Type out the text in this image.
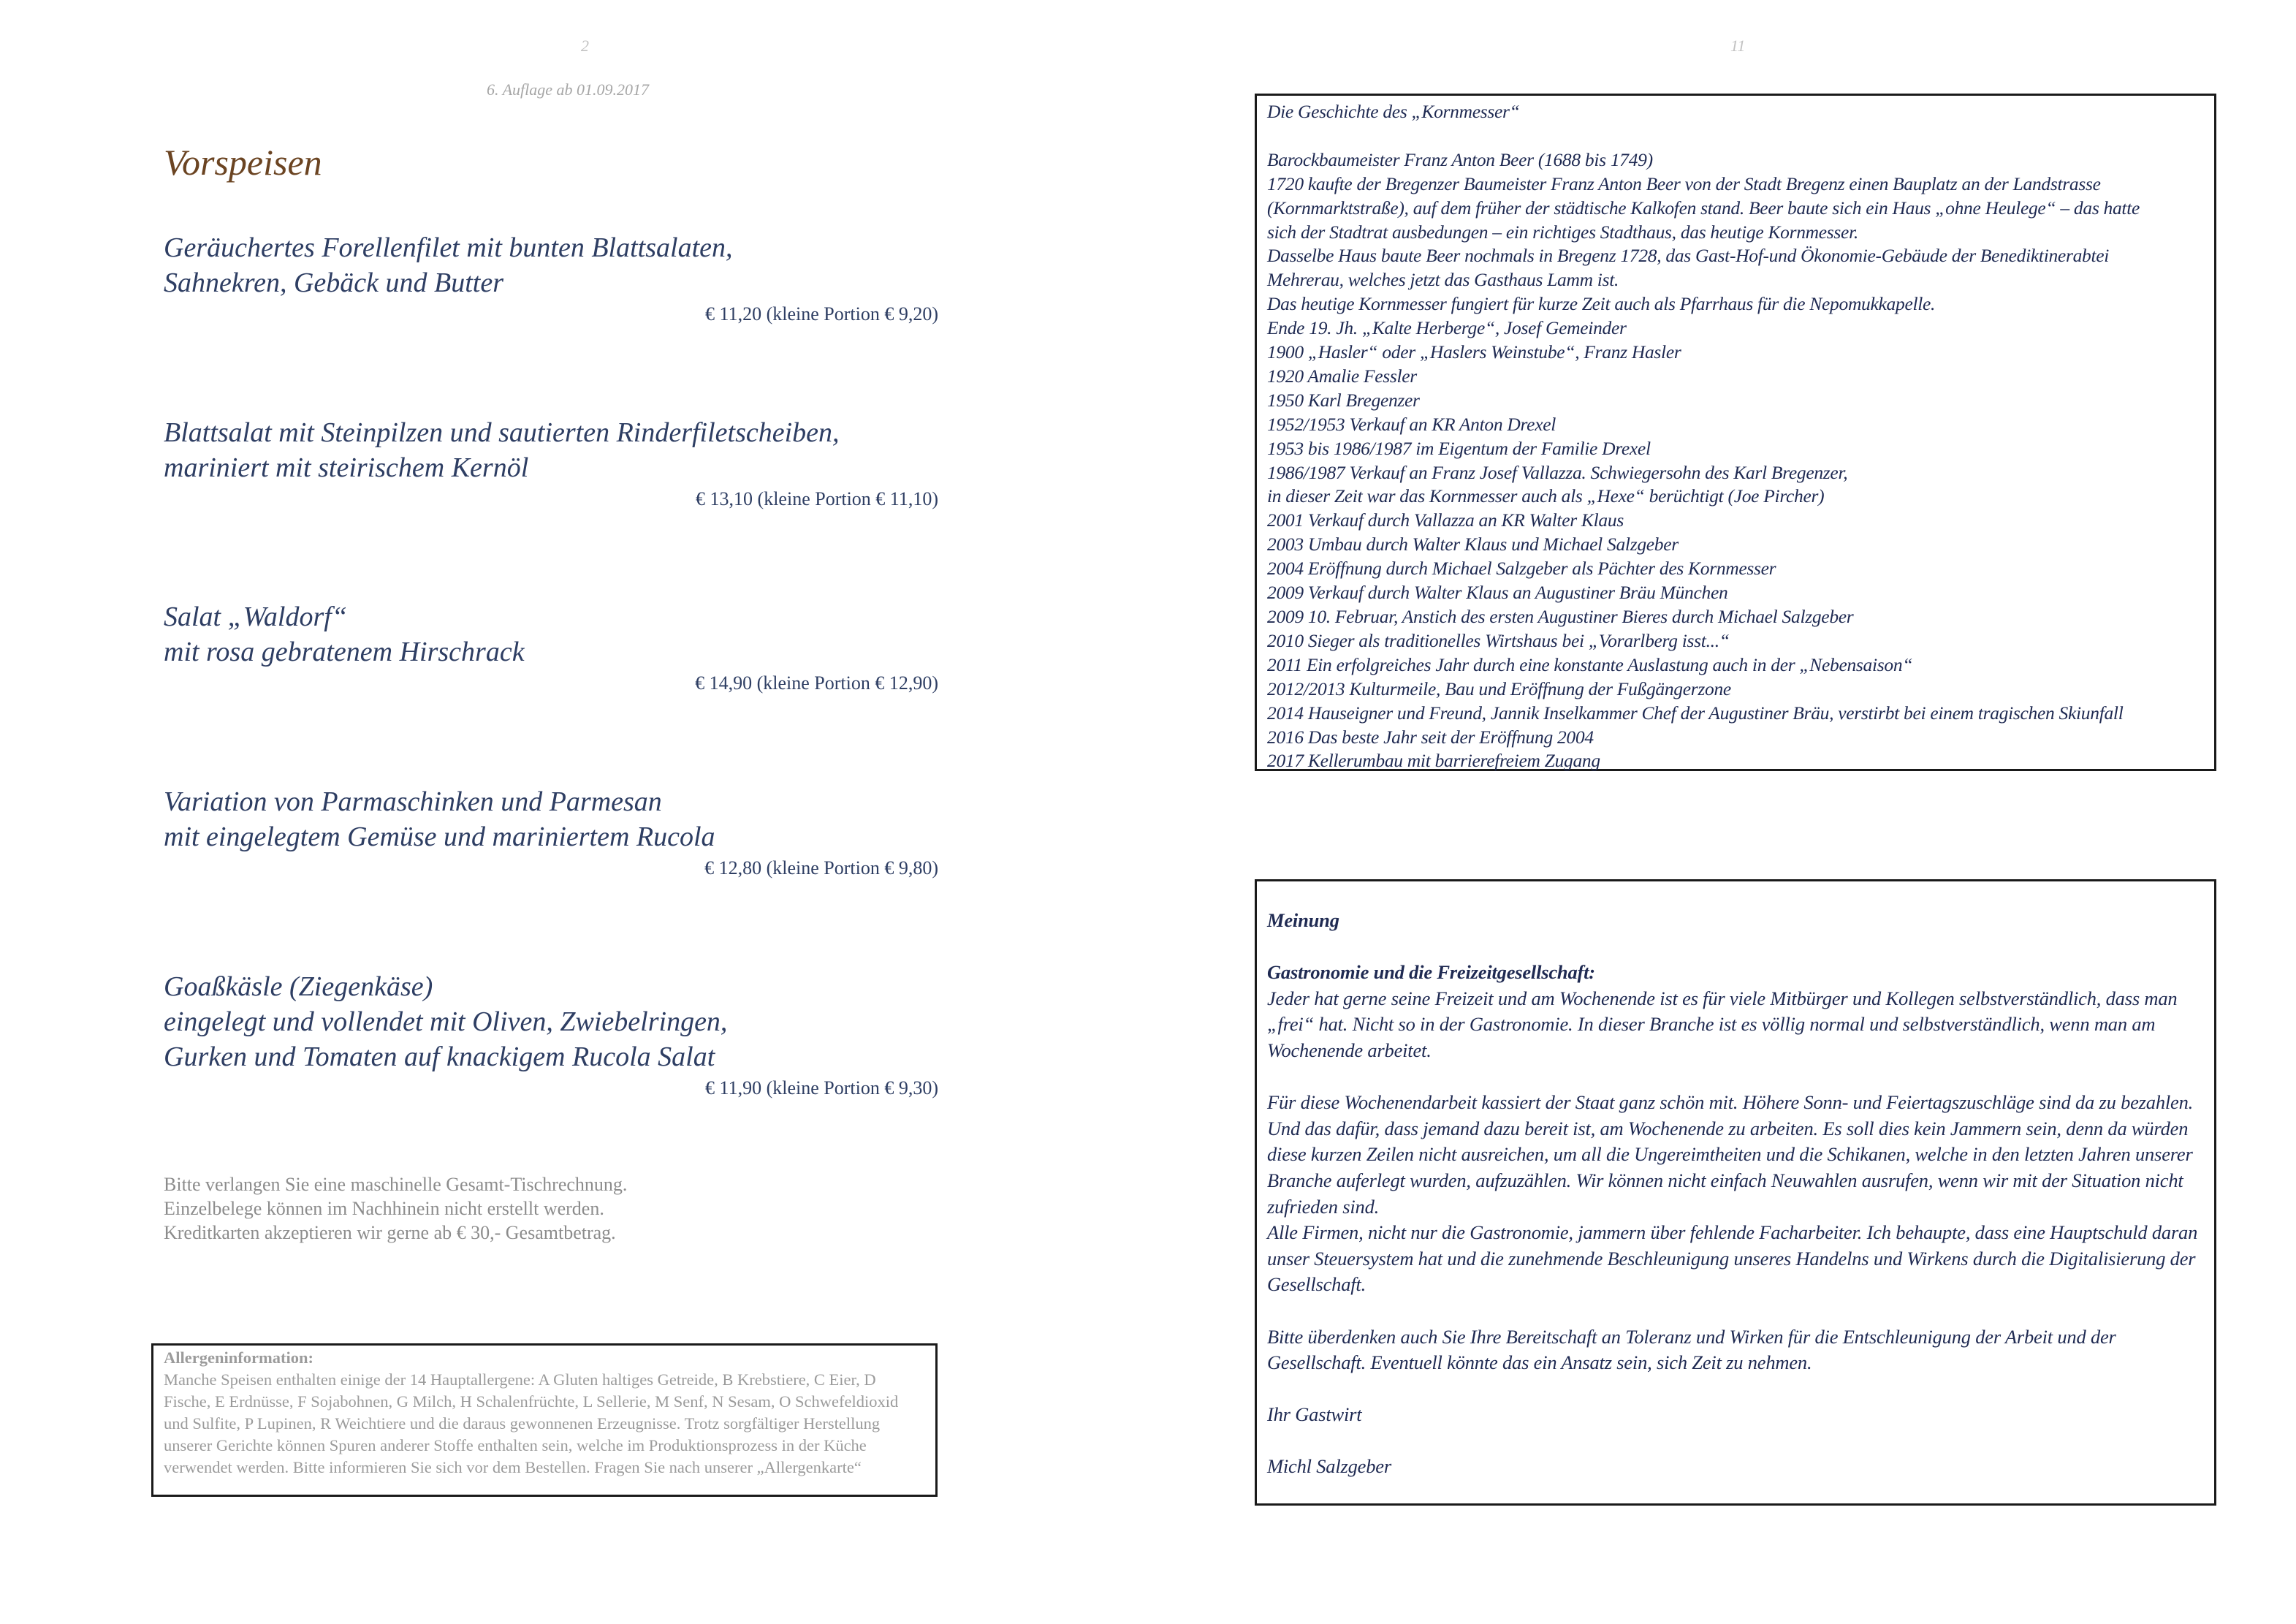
2
6. Auflage ab 01.09.2017
Vorspeisen
Geräuchertes Forellenfilet mit bunten Blattsalaten,
Sahnekren, Gebäck und Butter
€ 11,20 (kleine Portion € 9,20)
Blattsalat mit Steinpilzen und sautierten Rinderfiletscheiben,
mariniert mit steirischem Kernöl
€ 13,10 (kleine Portion € 11,10)
Salat „Waldorf“
mit rosa gebratenem Hirschrack
€ 14,90 (kleine Portion € 12,90)
Variation von Parmaschinken und Parmesan
mit eingelegtem Gemüse und mariniertem Rucola
€ 12,80 (kleine Portion € 9,80)
Goaßkäsle (Ziegenkäse)
eingelegt und vollendet mit Oliven, Zwiebelringen,
Gurken und Tomaten auf knackigem Rucola Salat
€ 11,90 (kleine Portion € 9,30)
Bitte verlangen Sie eine maschinelle Gesamt-Tischrechnung.
Einzelbelege können im Nachhinein nicht erstellt werden.
Kreditkarten akzeptieren wir gerne ab € 30,- Gesamtbetrag.
Allergeninformation:
Manche Speisen enthalten einige der 14 Hauptallergene: A Gluten haltiges Getreide, B Krebstiere, C Eier, D Fische, E Erdnüsse, F Sojabohnen, G Milch, H Schalenfrüchte, L Sellerie, M Senf, N Sesam, O Schwefeldioxid und Sulfite, P Lupinen, R Weichtiere und die daraus gewonnenen Erzeugnisse. Trotz sorgfältiger Herstellung unserer Gerichte können Spuren anderer Stoffe enthalten sein, welche im Produktionsprozess in der Küche verwendet werden. Bitte informieren Sie sich vor dem Bestellen. Fragen Sie nach unserer „Allergenkarte“
11

Die Geschichte des „Kornmesser“

Barockbaumeister Franz Anton Beer (1688 bis 1749)

1720 kaufte der Bregenzer Baumeister Franz Anton Beer von der Stadt Bregenz einen Bauplatz an der Landstrasse

(Kornmarktstraße), auf dem früher der städtische Kalkofen stand. Beer baute sich ein Haus „ohne Heulege“ – das hatte

sich der Stadtrat ausbedungen – ein richtiges Stadthaus, das heutige Kornmesser.

Dasselbe Haus baute Beer nochmals in Bregenz 1728, das Gast-Hof-und Ökonomie-Gebäude der Benediktinerabtei

Mehrerau, welches jetzt das Gasthaus Lamm ist.

Das heutige Kornmesser fungiert für kurze Zeit auch als Pfarrhaus für die Nepomukkapelle.

Ende 19. Jh. „Kalte Herberge“, Josef Gemeinder

1900 „Hasler“ oder „Haslers Weinstube“, Franz Hasler

1920 Amalie Fessler

1950 Karl Bregenzer

1952/1953 Verkauf an KR Anton Drexel

1953 bis 1986/1987 im Eigentum der Familie Drexel

1986/1987 Verkauf an Franz Josef Vallazza. Schwiegersohn des Karl Bregenzer,

in dieser Zeit war das Kornmesser auch als „Hexe“ berüchtigt (Joe Pircher)

2001 Verkauf durch Vallazza an KR Walter Klaus

2003 Umbau durch Walter Klaus und Michael Salzgeber

2004 Eröffnung durch Michael Salzgeber als Pächter des Kornmesser

2009 Verkauf durch Walter Klaus an Augustiner Bräu München

2009 10. Februar, Anstich des ersten Augustiner Bieres durch Michael Salzgeber

2010 Sieger als traditionelles Wirtshaus bei „Vorarlberg isst...“

2011 Ein erfolgreiches Jahr durch eine konstante Auslastung auch in der „Nebensaison“

2012/2013 Kulturmeile, Bau und Eröffnung der Fußgängerzone

2014 Hauseigner und Freund, Jannik Inselkammer Chef der Augustiner Bräu, verstirbt bei einem tragischen Skiunfall

2016 Das beste Jahr seit der Eröffnung 2004

2017 Kellerumbau mit barrierefreiem Zugang

Meinung

Gastronomie und die Freizeitgesellschaft:

Jeder hat gerne seine Freizeit und am Wochenende ist es für viele Mitbürger und Kollegen selbstverständlich, dass man „frei“ hat. Nicht so in der Gastronomie. In dieser Branche ist es völlig normal und selbstverständlich, wenn man am Wochenende arbeitet.

Für diese Wochenendarbeit kassiert der Staat ganz schön mit. Höhere Sonn- und Feiertagszuschläge sind da zu bezahlen. Und das dafür, dass jemand dazu bereit ist, am Wochenende zu arbeiten. Es soll dies kein Jammern sein, denn da würden diese kurzen Zeilen nicht ausreichen, um all die Ungereimtheiten und die Schikanen, welche in den letzten Jahren unserer Branche auferlegt wurden, aufzuzählen. Wir können nicht einfach Neuwahlen ausrufen, wenn wir mit der Situation nicht zufrieden sind.

Alle Firmen, nicht nur die Gastronomie, jammern über fehlende Facharbeiter. Ich behaupte, dass eine Hauptschuld daran unser Steuersystem hat und die zunehmende Beschleunigung unseres Handelns und Wirkens durch die Digitalisierung der Gesellschaft.

Bitte überdenken auch Sie Ihre Bereitschaft an Toleranz und Wirken für die Entschleunigung der Arbeit und der Gesellschaft. Eventuell könnte das ein Ansatz sein, sich Zeit zu nehmen.

Ihr Gastwirt

Michl Salzgeber
